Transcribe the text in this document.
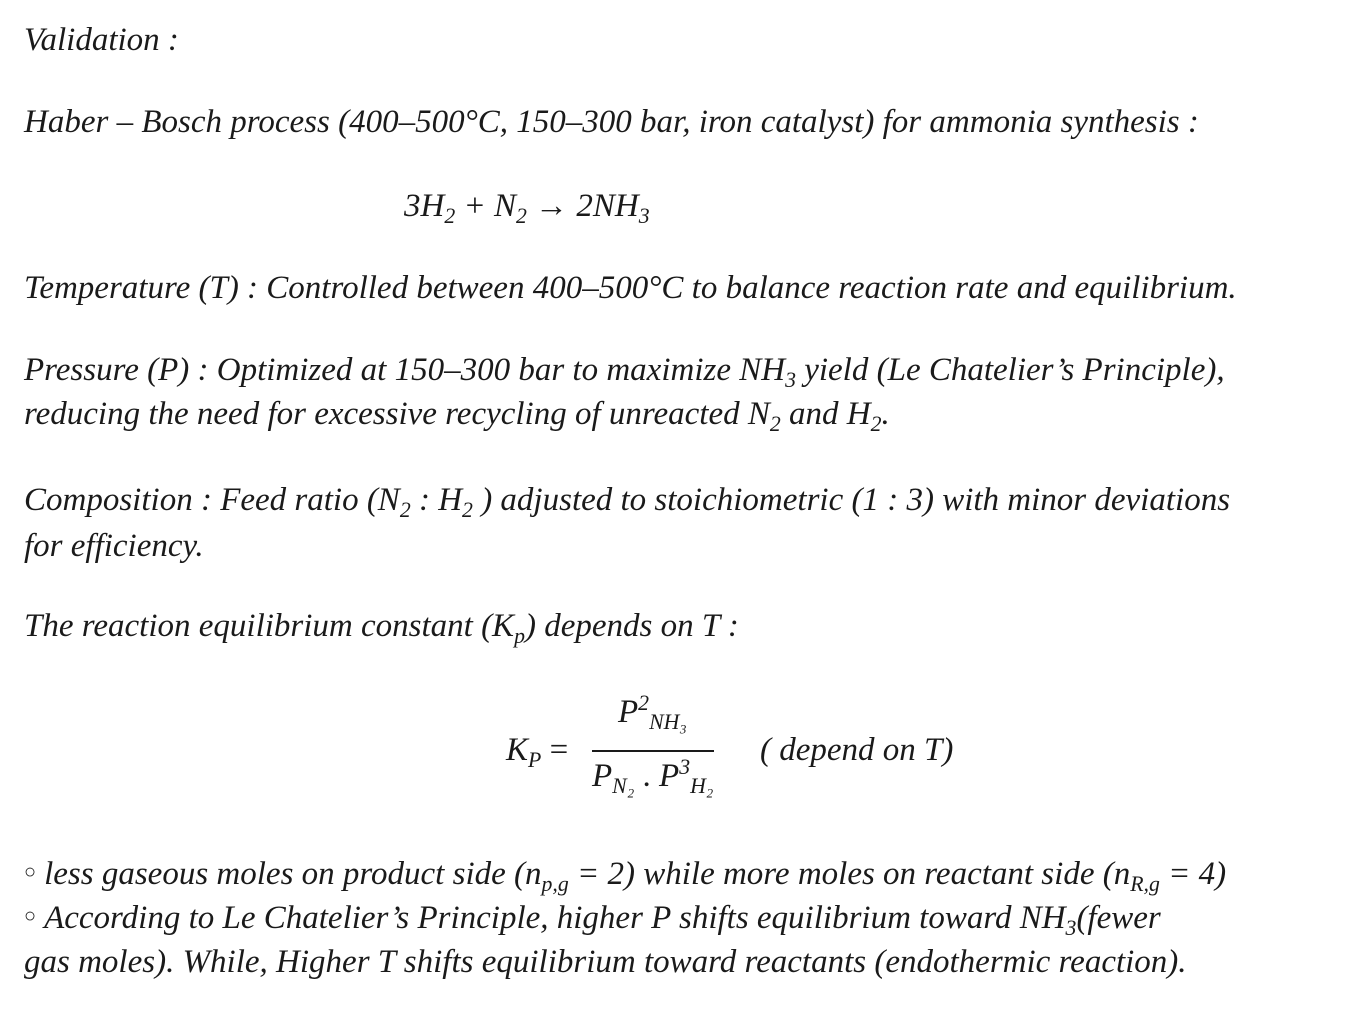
Validation :
Haber – Bosch process (400–500°C, 150–300 bar, iron catalyst) for ammonia synthesis :
$3H_2 + N_2 \to 2NH_3$
Temperature (T) : Controlled between 400–500°C to balance reaction rate and equilibrium.
Pressure (P) : Optimized at 150–300 bar to maximize $NH_3$ yield (Le Chatelier’s Principle),
reducing the need for excessive recycling of unreacted $N_2$ and $H_2$.
Composition : Feed ratio ($N_2$ : $H_2$ ) adjusted to stoichiometric (1 : 3) with minor deviations
for efficiency.
The reaction equilibrium constant $(K_p)$ depends on T :
$K_P$ =
$P^2_{NH_3}$
$P_{N_2}$ . $P^3_{H_2}$
( depend on T)
○ less gaseous moles on product side $(n_{p,g} = 2)$ while more moles on reactant side $(n_{R,g} = 4)$
○ According to Le Chatelier’s Principle, higher P shifts equilibrium toward $NH_3(fewer$
gas moles). While, Higher T shifts equilibrium toward reactants (endothermic reaction).
